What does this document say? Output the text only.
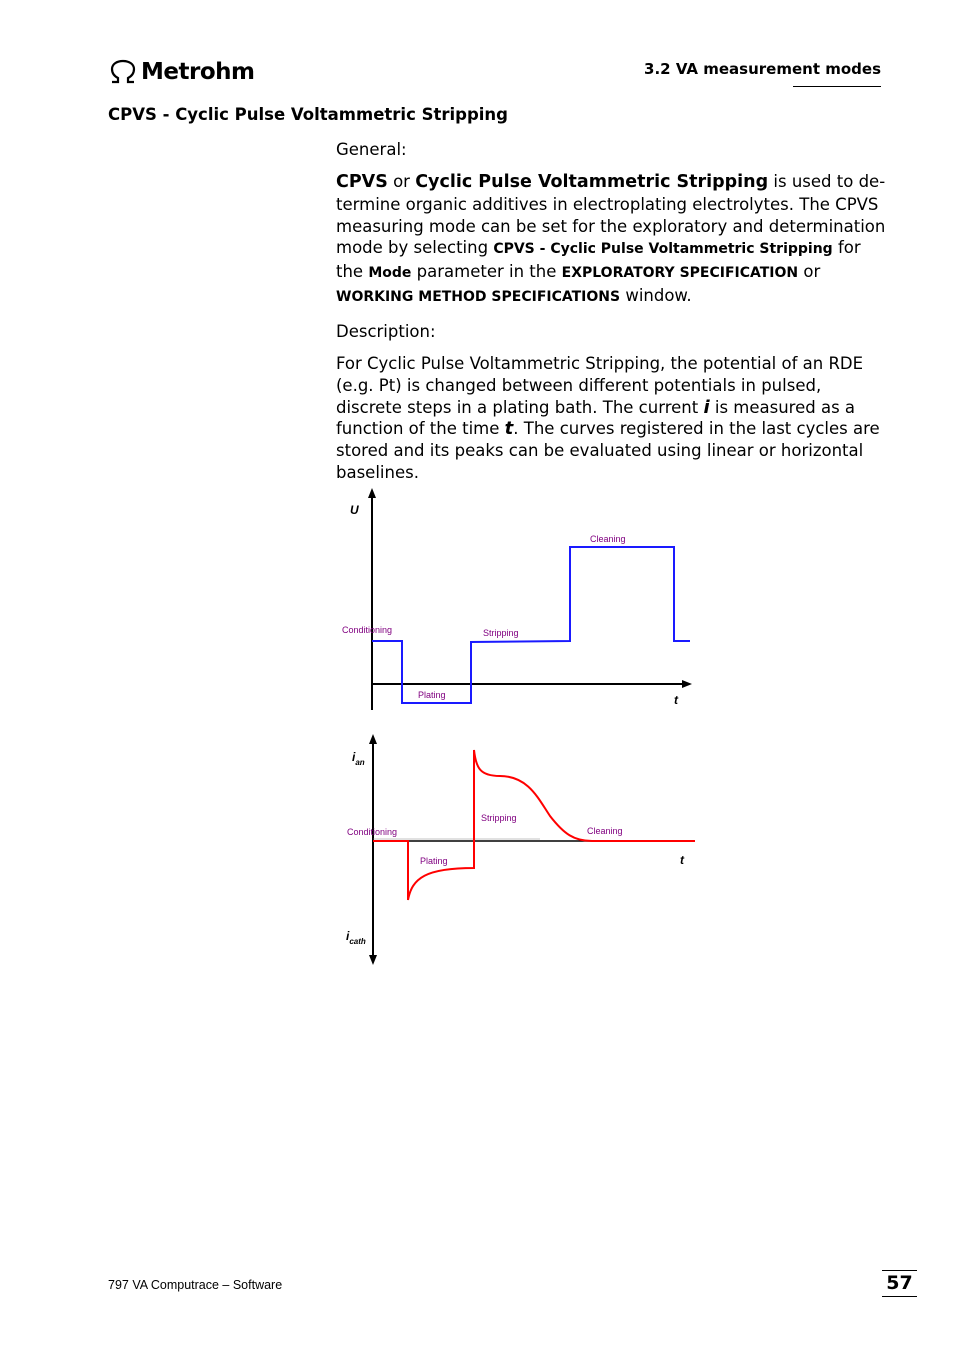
Metrohm	3.2 VA measurement modes
CPVS - Cyclic Pulse Voltammetric Stripping
General:
CPVS or Cyclic Pulse Voltammetric Stripping is used to de-termine organic additives in electroplating electrolytes. The CPVS measuring mode can be set for the exploratory and determination mode by selecting CPVS - Cyclic Pulse Voltammetric Stripping for the Mode parameter in the EXPLORATORY SPECIFICATION or WORKING METHOD SPECIFICATIONS window.
Description:
For Cyclic Pulse Voltammetric Stripping, the potential of an RDE (e.g. Pt) is changed between different potentials in pulsed, discrete steps in a plating bath. The current i is measured as a function of the time t. The curves registered in the last cycles are stored and its peaks can be evaluated using linear or horizontal baselines.
U
t
Conditioning
Plating
Stripping
Cleaning
$i_{an}$
$i_{cath}$
t
Conditioning
Plating
Stripping
Cleaning
797 VA Computrace – Software	57
